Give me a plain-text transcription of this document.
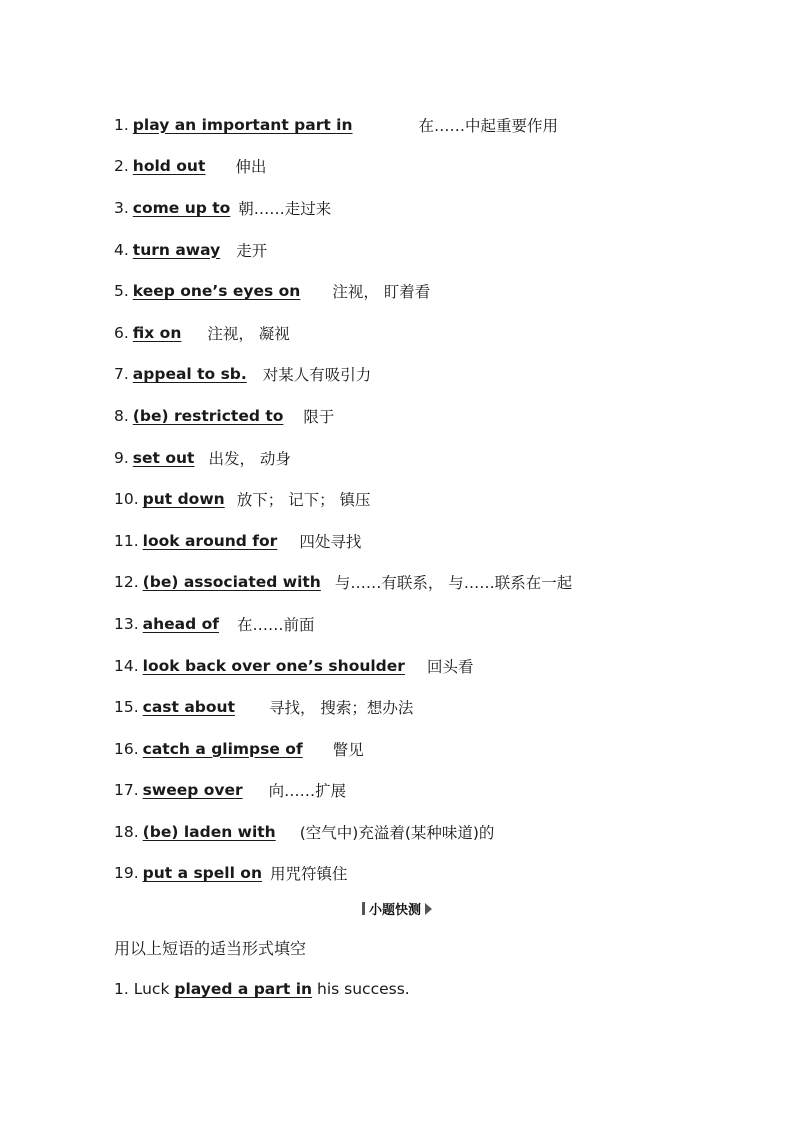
1. play an important part in	在……中起重要作用
2. hold out 伸出
3. come up to 朝……走过来
4. turn away 走开
5. keep one’s eyes on 注视， 盯着看
6. fix on 注视， 凝视
7. appeal to sb. 对某人有吸引力
8. (be) restricted to 限于
9. set out 出发， 动身
10. put down 放下； 记下； 镇压
11. look around for 四处寻找
12. (be) associated with 与……有联系， 与……联系在一起
13. ahead of 在……前面
14. look back over one’s shoulder 回头看
15. cast about 寻找， 搜索；想办法
16. catch a glimpse of 瞥见
17. sweep over 向……扩展
18. (be) laden with (空气中)充溢着(某种味道)的
19. put a spell on 用咒符镇住
小题快测
用以上短语的适当形式填空
1. Luck played a part in his success.
